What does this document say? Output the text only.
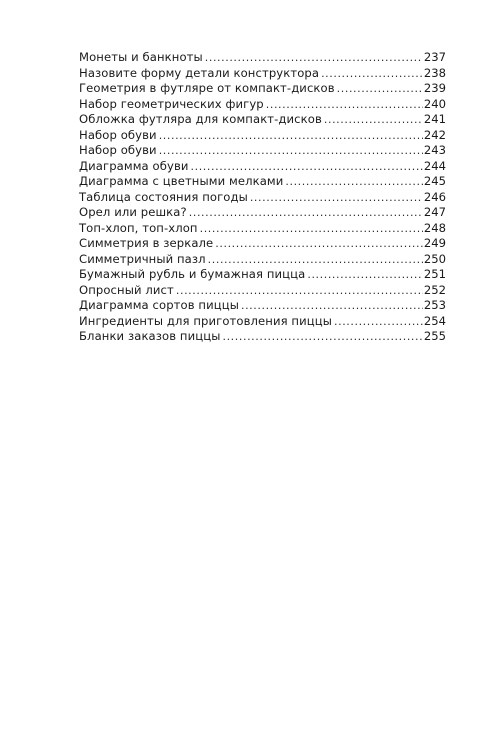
Монеты и банкноты .....	237
Назовите форму детали конструктора .....	238
Геометрия в футляре от компакт-дисков .....	239
Набор геометрических фигур .....	240
Обложка футляра для компакт-дисков .....	241
Набор обуви .....	242
Набор обуви .....	243
Диаграмма обуви .....	244
Диаграмма с цветными мелками .....	245
Таблица состояния погоды .....	246
Орел или решка? .....	247
Топ-хлоп, топ-хлоп .....	248
Симметрия в зеркале .....	249
Симметричный пазл .....	250
Бумажный рубль и бумажная пицца .....	251
Опросный лист .....	252
Диаграмма сортов пиццы .....	253
Ингредиенты для приготовления пиццы .....	254
Бланки заказов пиццы .....	255
